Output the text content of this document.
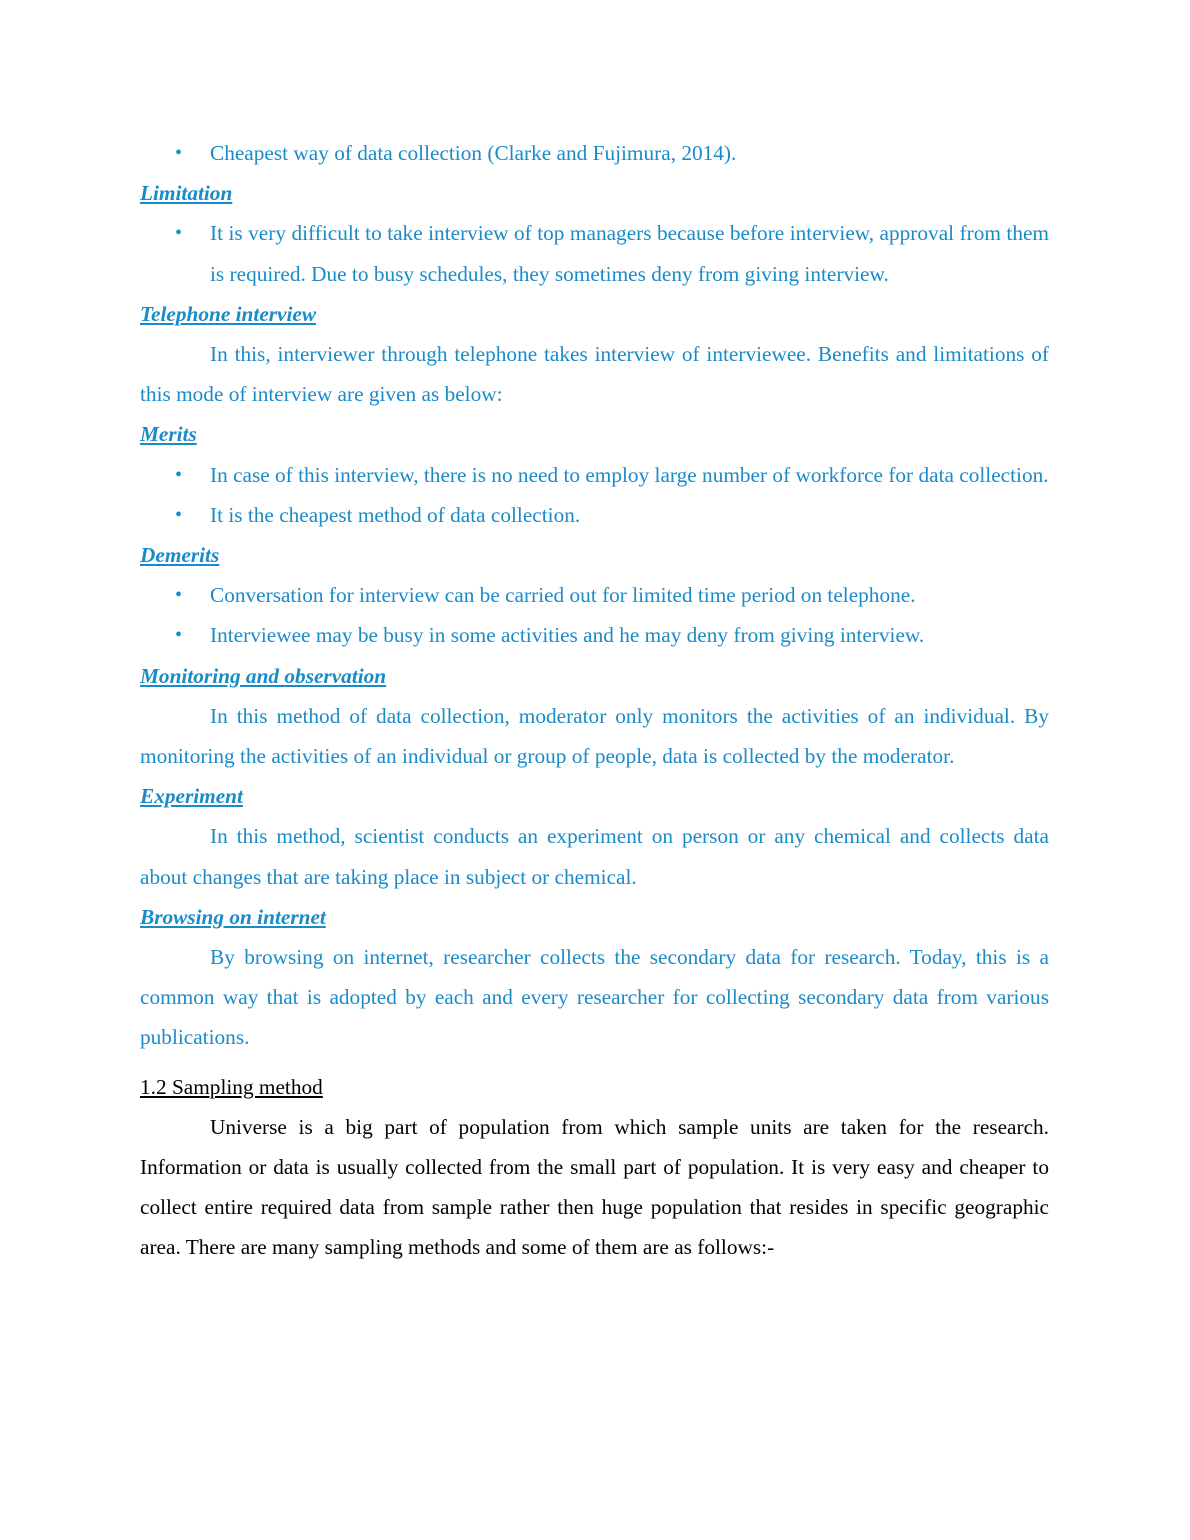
• Cheapest way of data collection (Clarke and Fujimura, 2014).

Limitation

• It is very difficult to take interview of top managers because before interview, approval from them is required. Due to busy schedules, they sometimes deny from giving interview.

Telephone interview

In this, interviewer through telephone takes interview of interviewee. Benefits and limitations of this mode of interview are given as below:

Merits

• In case of this interview, there is no need to employ large number of workforce for data collection.
• It is the cheapest method of data collection.

Demerits

• Conversation for interview can be carried out for limited time period on telephone.
• Interviewee may be busy in some activities and he may deny from giving interview.

Monitoring and observation

In this method of data collection, moderator only monitors the activities of an individual. By monitoring the activities of an individual or group of people, data is collected by the moderator.

Experiment

In this method, scientist conducts an experiment on person or any chemical and collects data about changes that are taking place in subject or chemical.

Browsing on internet

By browsing on internet, researcher collects the secondary data for research. Today, this is a common way that is adopted by each and every researcher for collecting secondary data from various publications.

1.2 Sampling method

Universe is a big part of population from which sample units are taken for the research. Information or data is usually collected from the small part of population. It is very easy and cheaper to collect entire required data from sample rather then huge population that resides in specific geographic area. There are many sampling methods and some of them are as follows:-
